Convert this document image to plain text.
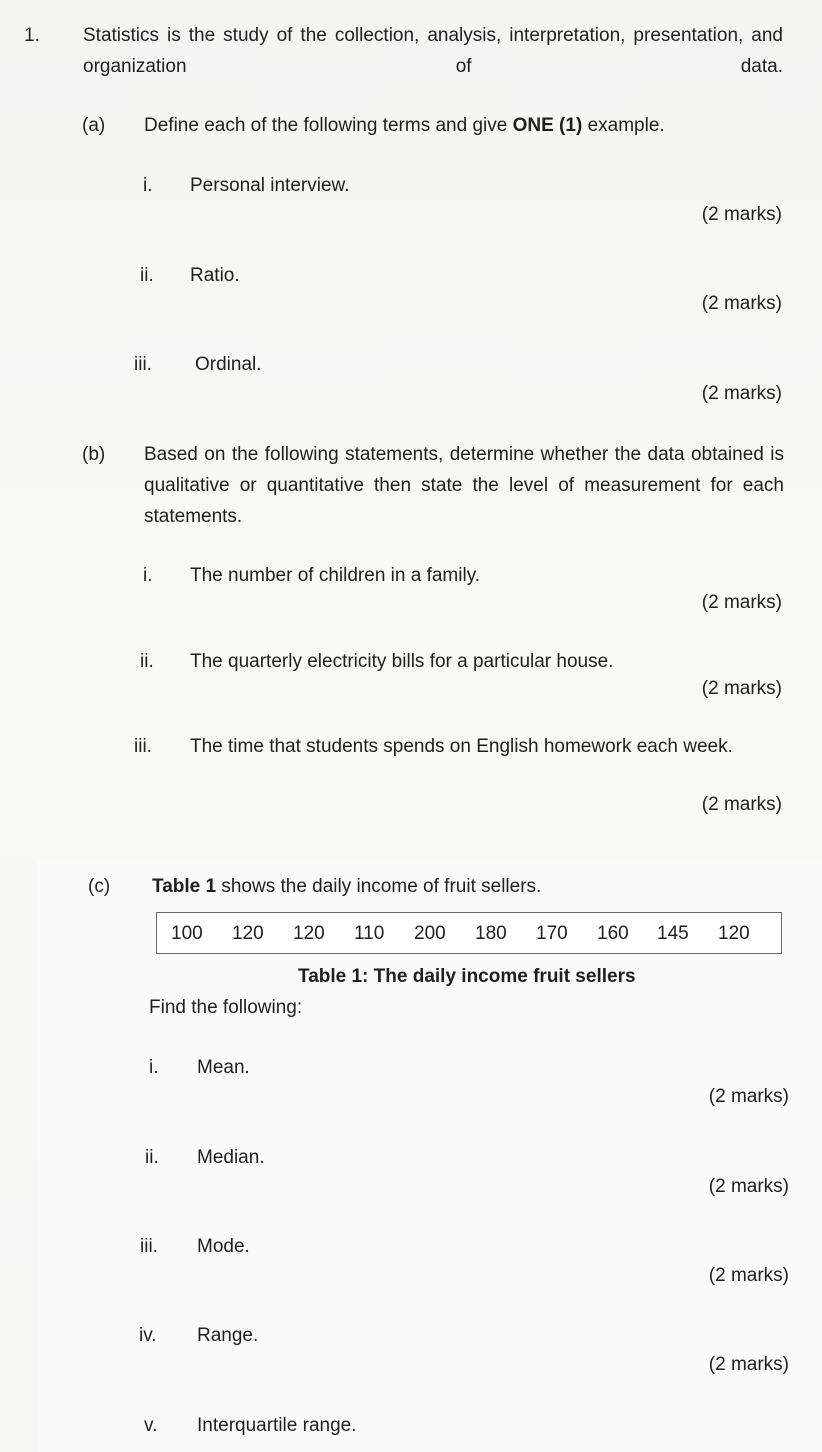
1. Statistics is the study of the collection, analysis, interpretation, presentation, and organization of data.

(a) Define each of the following terms and give ONE (1) example.
i. Personal interview.
(2 marks)
ii. Ratio.
(2 marks)
iii. Ordinal.
(2 marks)
(b) Based on the following statements, determine whether the data obtained is qualitative or quantitative then state the level of measurement for each statements.

i. The number of children in a family.
(2 marks)
ii. The quarterly electricity bills for a particular house.
(2 marks)
iii. The time that students spends on English homework each week.

(2 marks)
(c) Table 1 shows the daily income of fruit sellers.
100 120 120 110 200 180 170 160 145 120
Table 1: The daily income fruit sellers
Find the following:
i. Mean.
(2 marks)
ii. Median.
(2 marks)
iii. Mode.
(2 marks)
iv. Range.
(2 marks)
v. Interquartile range.
